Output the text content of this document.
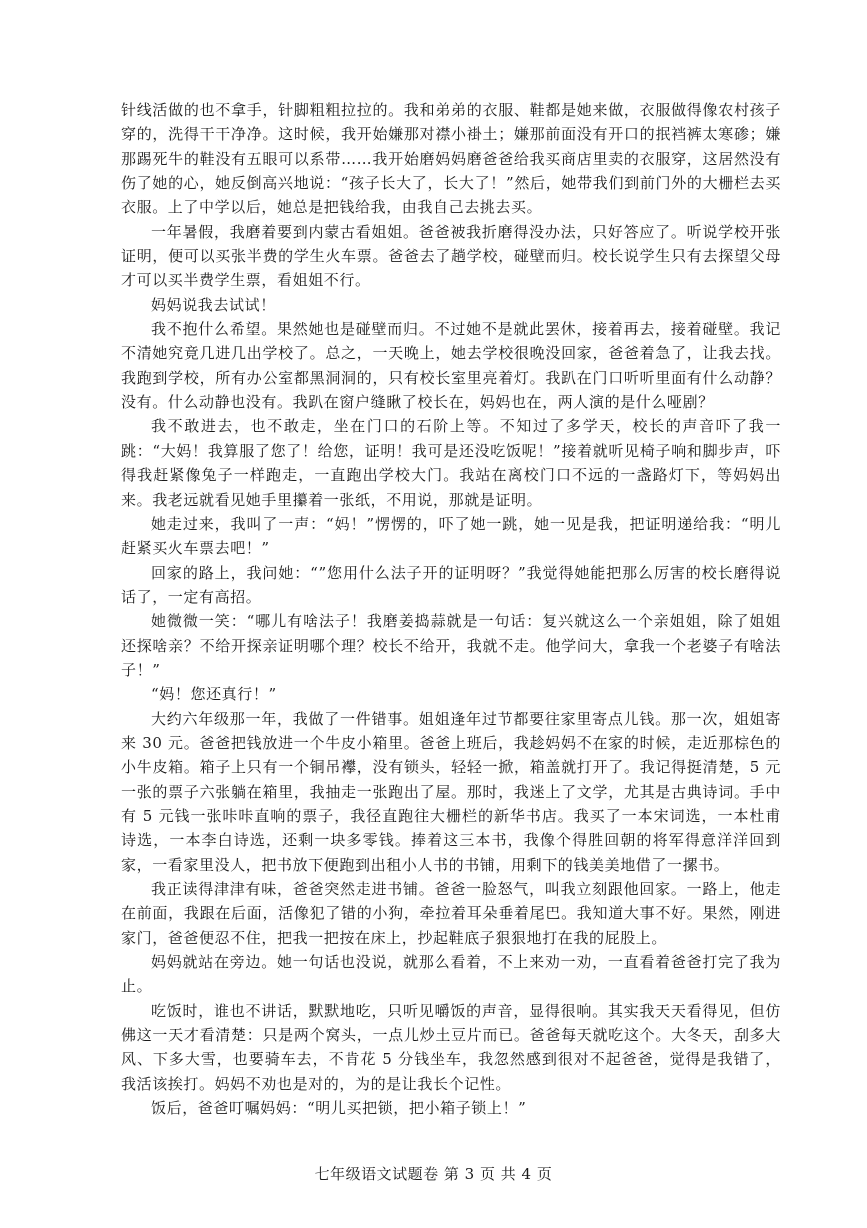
针线活做的也不拿手，针脚粗粗拉拉的。我和弟弟的衣服、鞋都是她来做，衣服做得像农村孩子穿的，洗得干干净净。这时候，我开始嫌那对襟小褂土；嫌那前面没有开口的抿裆裤太寒碜；嫌那踢死牛的鞋没有五眼可以系带……我开始磨妈妈磨爸爸给我买商店里卖的衣服穿，这居然没有伤了她的心，她反倒高兴地说：“孩子长大了，长大了！”然后，她带我们到前门外的大栅栏去买衣服。上了中学以后，她总是把钱给我，由我自己去挑去买。

一年暑假，我磨着要到内蒙古看姐姐。爸爸被我折磨得没办法，只好答应了。听说学校开张证明，便可以买张半费的学生火车票。爸爸去了趟学校，碰壁而归。校长说学生只有去探望父母才可以买半费学生票，看姐姐不行。

妈妈说我去试试！

我不抱什么希望。果然她也是碰壁而归。不过她不是就此罢休，接着再去，接着碰壁。我记不清她究竟几进几出学校了。总之，一天晚上，她去学校很晚没回家，爸爸着急了，让我去找。我跑到学校，所有办公室都黑洞洞的，只有校长室里亮着灯。我趴在门口听听里面有什么动静？没有。什么动静也没有。我趴在窗户缝瞅了校长在，妈妈也在，两人演的是什么哑剧？

我不敢进去，也不敢走，坐在门口的石阶上等。不知过了多学天，校长的声音吓了我一跳：“大妈！我算服了您了！给您，证明！我可是还没吃饭呢！”接着就听见椅子响和脚步声，吓得我赶紧像兔子一样跑走，一直跑出学校大门。我站在离校门口不远的一盏路灯下，等妈妈出来。我老远就看见她手里攥着一张纸，不用说，那就是证明。

她走过来，我叫了一声：“妈！”愣愣的，吓了她一跳，她一见是我，把证明递给我：“明儿赶紧买火车票去吧！”

回家的路上，我问她：“”您用什么法子开的证明呀？”我觉得她能把那么厉害的校长磨得说话了，一定有高招。

她微微一笑：“哪儿有啥法子！我磨姜捣蒜就是一句话：复兴就这么一个亲姐姐，除了姐姐还探啥亲？不给开探亲证明哪个理？校长不给开，我就不走。他学问大，拿我一个老婆子有啥法子！”

“妈！您还真行！”

大约六年级那一年，我做了一件错事。姐姐逢年过节都要往家里寄点儿钱。那一次，姐姐寄来 30 元。爸爸把钱放进一个牛皮小箱里。爸爸上班后，我趁妈妈不在家的时候，走近那棕色的小牛皮箱。箱子上只有一个铜吊襻，没有锁头，轻轻一掀，箱盖就打开了。我记得挺清楚，5 元一张的票子六张躺在箱里，我抽走一张跑出了屋。那时，我迷上了文学，尤其是古典诗词。手中有 5 元钱一张咔咔直响的票子，我径直跑往大栅栏的新华书店。我买了一本宋词选，一本杜甫诗选，一本李白诗选，还剩一块多零钱。捧着这三本书，我像个得胜回朝的将军得意洋洋回到家，一看家里没人，把书放下便跑到出租小人书的书铺，用剩下的钱美美地借了一摞书。

我正读得津津有味，爸爸突然走进书铺。爸爸一脸怒气，叫我立刻跟他回家。一路上，他走在前面，我跟在后面，活像犯了错的小狗，牵拉着耳朵垂着尾巴。我知道大事不好。果然，刚进家门，爸爸便忍不住，把我一把按在床上，抄起鞋底子狠狠地打在我的屁股上。

妈妈就站在旁边。她一句话也没说，就那么看着，不上来劝一劝，一直看着爸爸打完了我为止。

吃饭时，谁也不讲话，默默地吃，只听见嚼饭的声音，显得很响。其实我天天看得见，但仿佛这一天才看清楚：只是两个窝头，一点儿炒土豆片而已。爸爸每天就吃这个。大冬天，刮多大风、下多大雪，也要骑车去，不肯花 5 分钱坐车，我忽然感到很对不起爸爸，觉得是我错了，我活该挨打。妈妈不劝也是对的，为的是让我长个记性。

饭后，爸爸叮嘱妈妈：“明儿买把锁，把小箱子锁上！”

七年级语文试题卷 第 3 页 共 4 页
